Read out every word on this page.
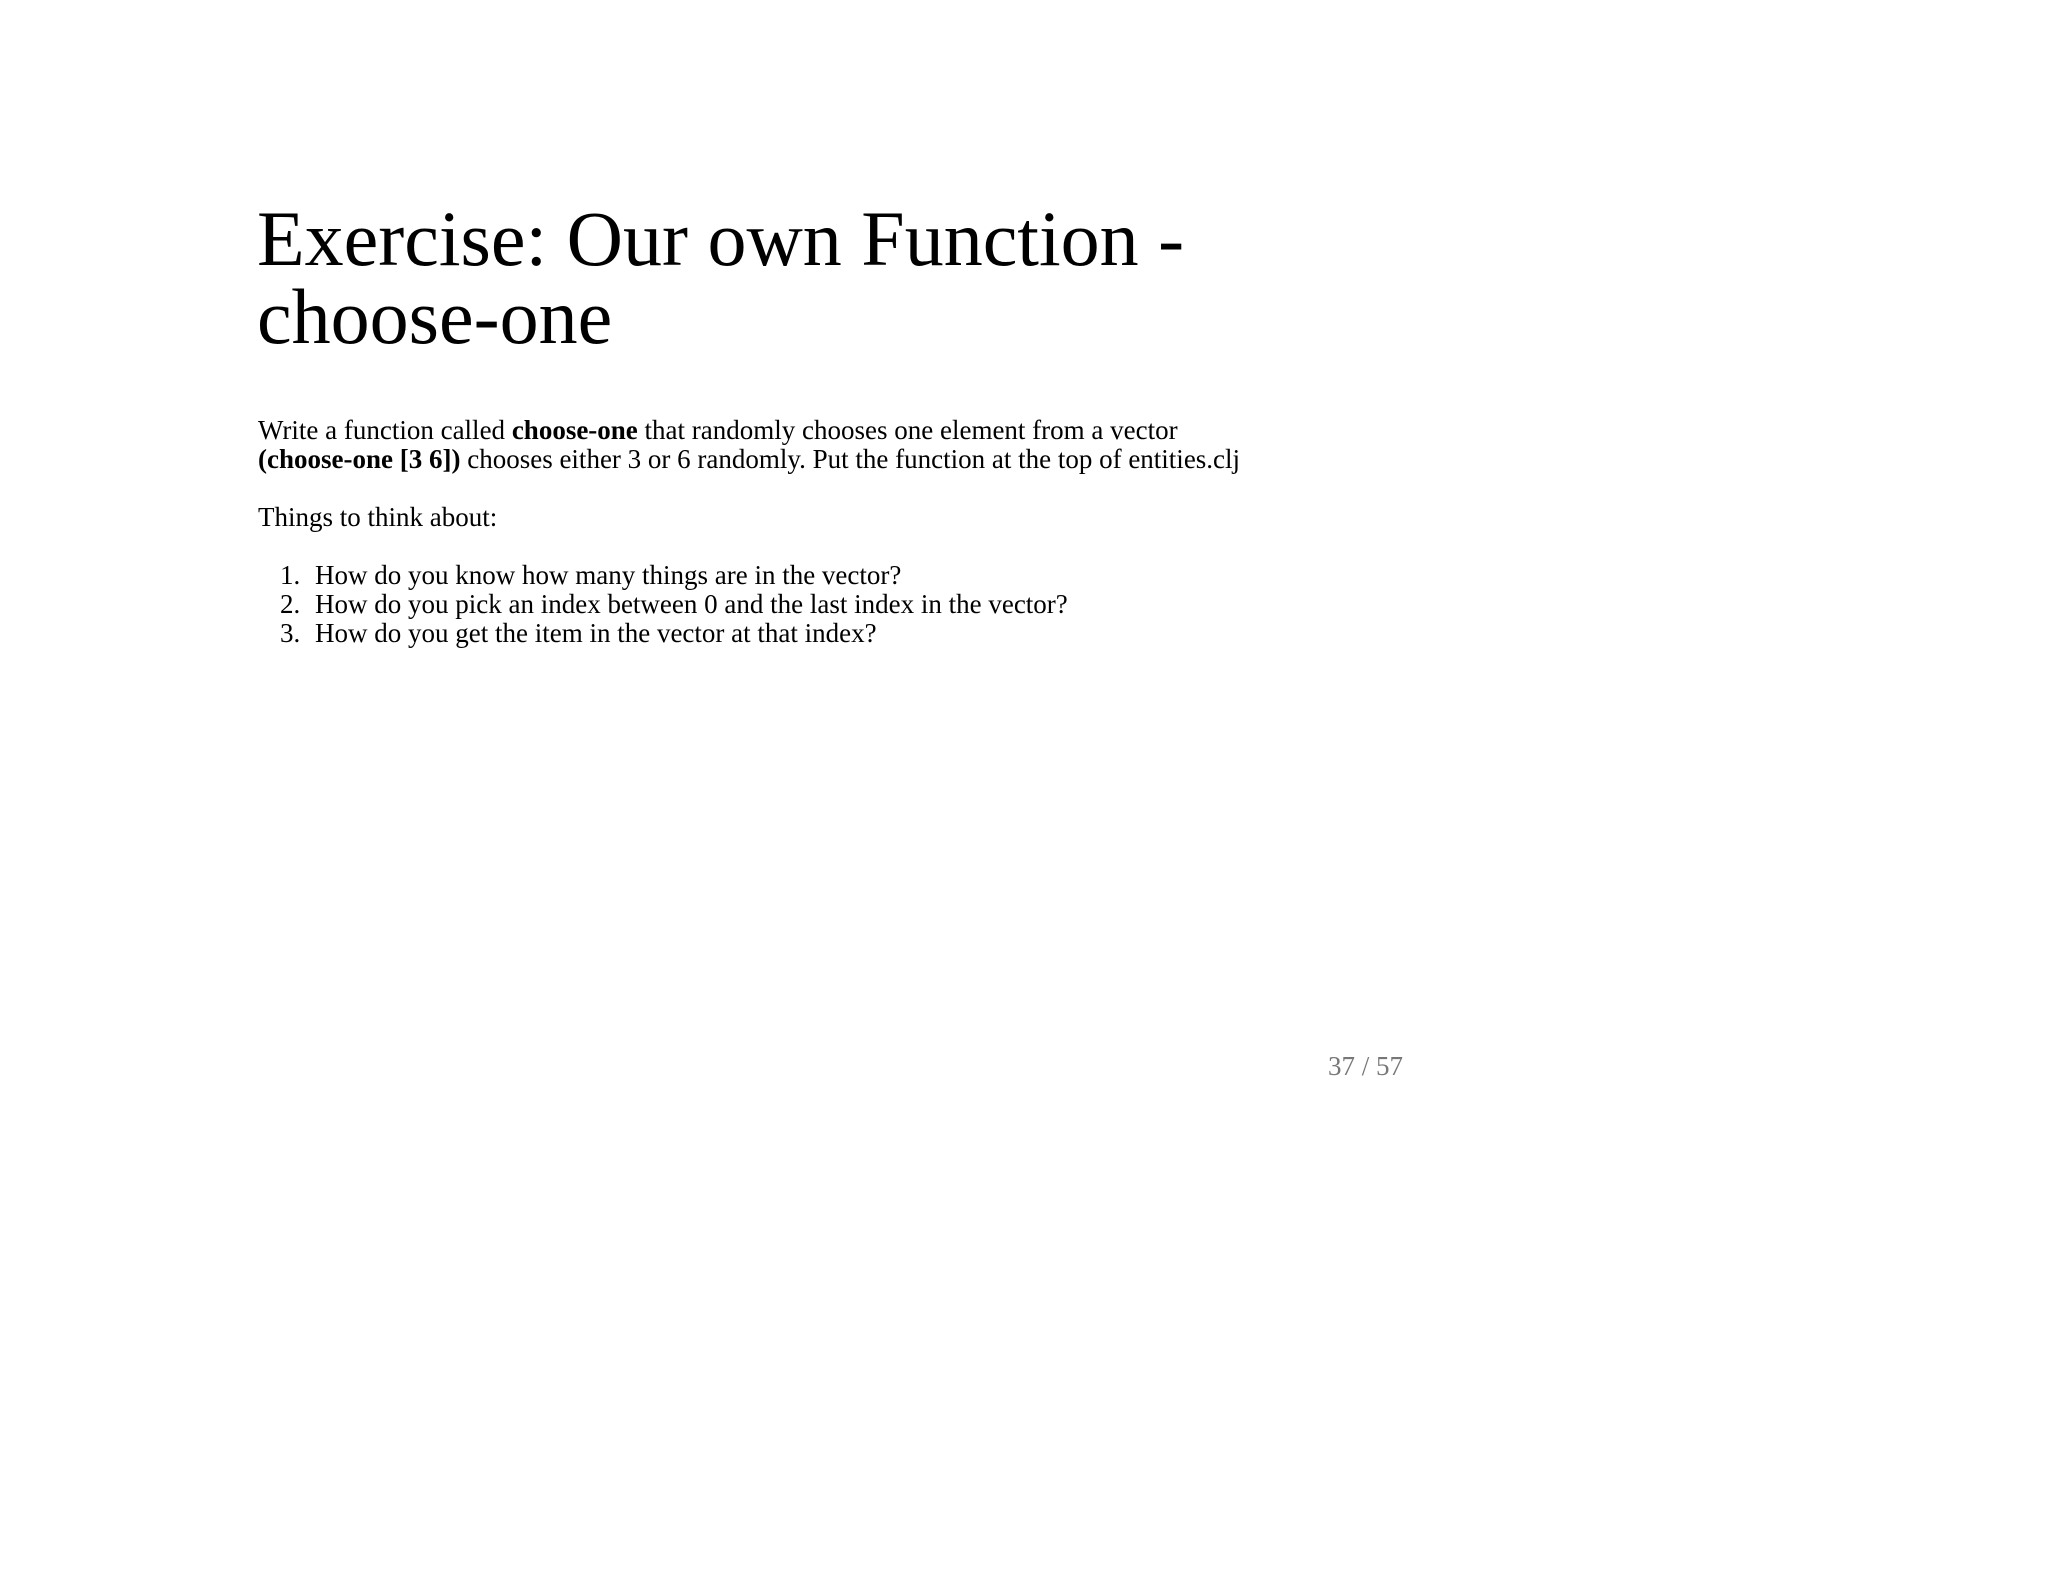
Exercise: Our own Function -
choose-one

Write a function called choose-one that randomly chooses one element from a vector
(choose-one [3 6]) chooses either 3 or 6 randomly. Put the function at the top of entities.clj

Things to think about:

1. How do you know how many things are in the vector?
2. How do you pick an index between 0 and the last index in the vector?
3. How do you get the item in the vector at that index?
37 / 57
